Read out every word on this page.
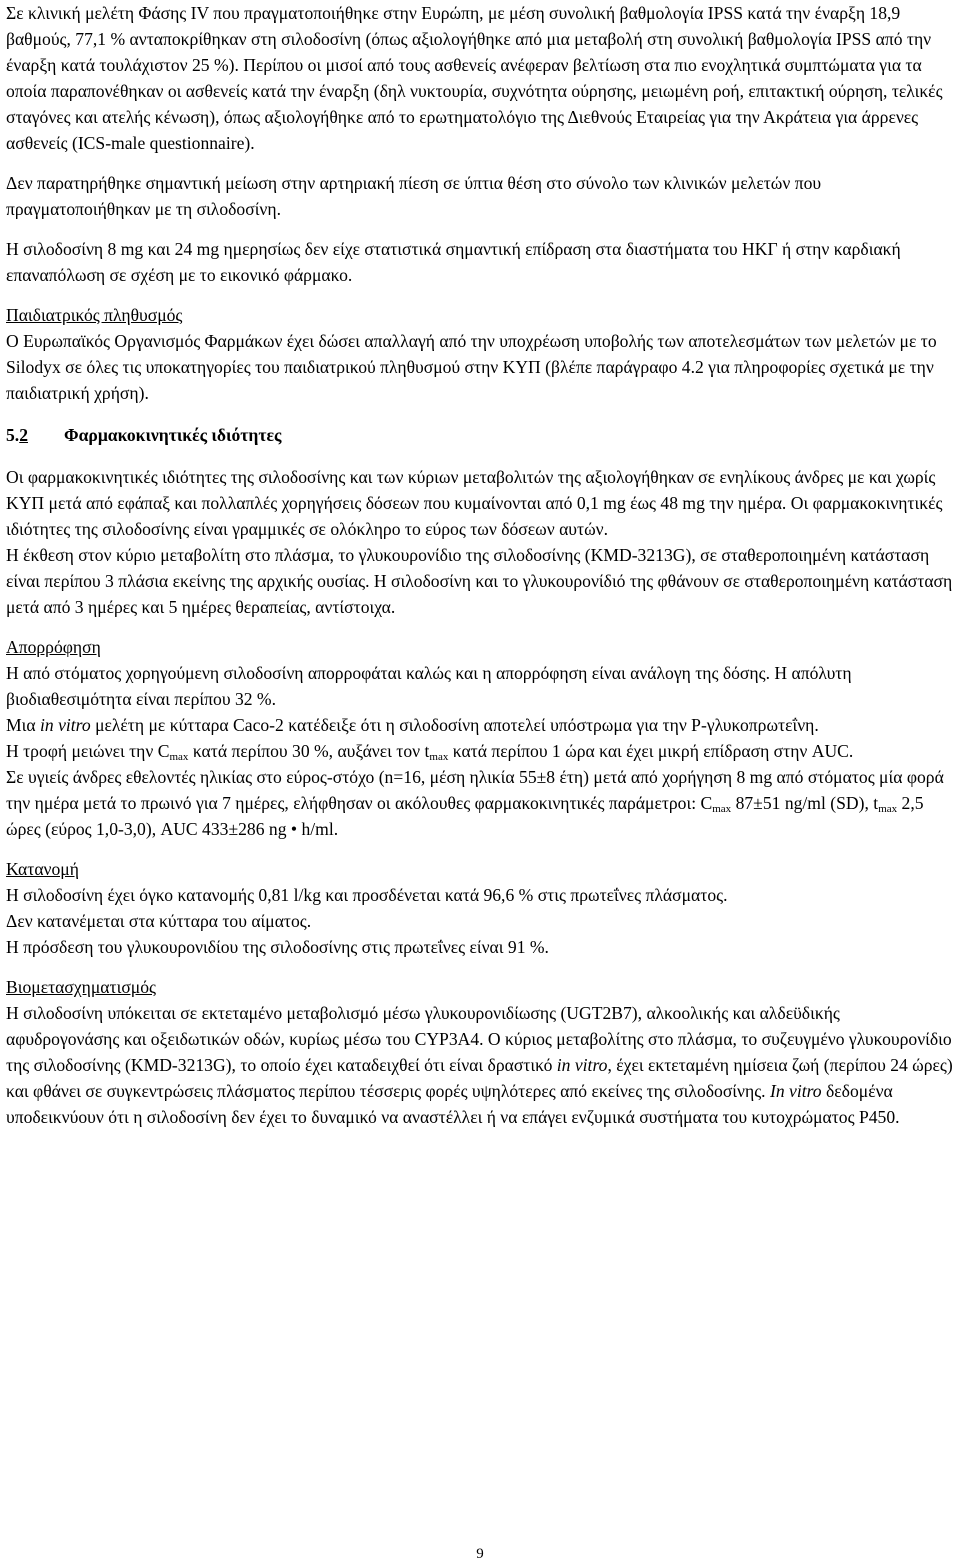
Σε κλινική μελέτη Φάσης IV που πραγματοποιήθηκε στην Ευρώπη, με μέση συνολική βαθμολογία IPSS κατά την έναρξη 18,9 βαθμούς, 77,1 % ανταποκρίθηκαν στη σιλοδοσίνη (όπως αξιολογήθηκε από μια μεταβολή στη συνολική βαθμολογία IPSS από την έναρξη κατά τουλάχιστον 25 %). Περίπου οι μισοί από τους ασθενείς ανέφεραν βελτίωση στα πιο ενοχλητικά συμπτώματα για τα οποία παραπονέθηκαν οι ασθενείς κατά την έναρξη (δηλ νυκτουρία, συχνότητα ούρησης, μειωμένη ροή, επιτακτική ούρηση, τελικές σταγόνες και ατελής κένωση), όπως αξιολογήθηκε από το ερωτηματολόγιο της Διεθνούς Εταιρείας για την Ακράτεια για άρρενες ασθενείς (ICS-male questionnaire).

Δεν παρατηρήθηκε σημαντική μείωση στην αρτηριακή πίεση σε ύπτια θέση στο σύνολο των κλινικών μελετών που πραγματοποιήθηκαν με τη σιλοδοσίνη.

Η σιλοδοσίνη 8 mg και 24 mg ημερησίως δεν είχε στατιστικά σημαντική επίδραση στα διαστήματα του ΗΚΓ ή στην καρδιακή επαναπόλωση σε σχέση με το εικονικό φάρμακο.

Παιδιατρικός πληθυσμός

Ο Ευρωπαϊκός Οργανισμός Φαρμάκων έχει δώσει απαλλαγή από την υποχρέωση υποβολής των αποτελεσμάτων των μελετών με το Silodyx σε όλες τις υποκατηγορίες του παιδιατρικού πληθυσμού στην ΚΥΠ (βλέπε παράγραφο 4.2 για πληροφορίες σχετικά με την παιδιατρική χρήση).

5.2 Φαρμακοκινητικές ιδιότητες

Οι φαρμακοκινητικές ιδιότητες της σιλοδοσίνης και των κύριων μεταβολιτών της αξιολογήθηκαν σε ενηλίκους άνδρες με και χωρίς ΚΥΠ μετά από εφάπαξ και πολλαπλές χορηγήσεις δόσεων που κυμαίνονται από 0,1 mg έως 48 mg την ημέρα. Οι φαρμακοκινητικές ιδιότητες της σιλοδοσίνης είναι γραμμικές σε ολόκληρο το εύρος των δόσεων αυτών.

Η έκθεση στον κύριο μεταβολίτη στο πλάσμα, το γλυκουρονίδιο της σιλοδοσίνης (KMD-3213G), σε σταθεροποιημένη κατάσταση είναι περίπου 3 πλάσια εκείνης της αρχικής ουσίας. Η σιλοδοσίνη και το γλυκουρονίδιό της φθάνουν σε σταθεροποιημένη κατάσταση μετά από 3 ημέρες και 5 ημέρες θεραπείας, αντίστοιχα.

Απορρόφηση

Η από στόματος χορηγούμενη σιλοδοσίνη απορροφάται καλώς και η απορρόφηση είναι ανάλογη της δόσης. Η απόλυτη βιοδιαθεσιμότητα είναι περίπου 32 %.

Μια in vitro μελέτη με κύτταρα Caco-2 κατέδειξε ότι η σιλοδοσίνη αποτελεί υπόστρωμα για την P-γλυκοπρωτεΐνη.

Η τροφή μειώνει την $C_{max}$ κατά περίπου 30 %, αυξάνει τον $t_{max}$ κατά περίπου 1 ώρα και έχει μικρή επίδραση στην AUC.

Σε υγιείς άνδρες εθελοντές ηλικίας στο εύρος-στόχο (n=16, μέση ηλικία 55±8 έτη) μετά από χορήγηση 8 mg από στόματος μία φορά την ημέρα μετά το πρωινό για 7 ημέρες, ελήφθησαν οι ακόλουθες φαρμακοκινητικές παράμετροι: $C_{max}$ 87±51 ng/ml (SD), $t_{max}$ 2,5 ώρες (εύρος 1,0-3,0), AUC 433±286 ng • h/ml.

Κατανομή

Η σιλοδοσίνη έχει όγκο κατανομής 0,81 l/kg και προσδένεται κατά 96,6 % στις πρωτεΐνες πλάσματος.

Δεν κατανέμεται στα κύτταρα του αίματος.

Η πρόσδεση του γλυκουρονιδίου της σιλοδοσίνης στις πρωτεΐνες είναι 91 %.

Βιομετασχηματισμός

Η σιλοδοσίνη υπόκειται σε εκτεταμένο μεταβολισμό μέσω γλυκουρονιδίωσης (UGT2B7), αλκοολικής και αλδεϋδικής αφυδρογονάσης και οξειδωτικών οδών, κυρίως μέσω του CYP3A4. Ο κύριος μεταβολίτης στο πλάσμα, το συζευγμένο γλυκουρονίδιο της σιλοδοσίνης (KMD-3213G), το οποίο έχει καταδειχθεί ότι είναι δραστικό in vitro, έχει εκτεταμένη ημίσεια ζωή (περίπου 24 ώρες) και φθάνει σε συγκεντρώσεις πλάσματος περίπου τέσσερις φορές υψηλότερες από εκείνες της σιλοδοσίνης. In vitro δεδομένα υποδεικνύουν ότι η σιλοδοσίνη δεν έχει το δυναμικό να αναστέλλει ή να επάγει ενζυμικά συστήματα του κυτοχρώματος P450.

9
